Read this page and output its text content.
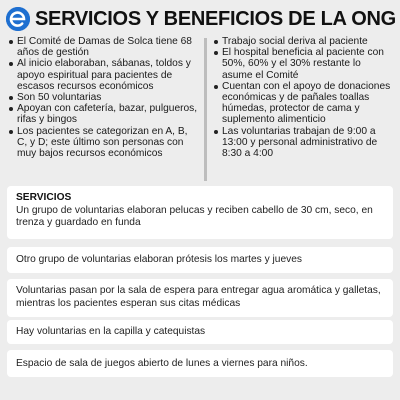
SERVICIOS Y BENEFICIOS DE LA ONG
El Comité de Damas de Solca tiene 68 años de gestión
Al inicio elaboraban, sábanas, toldos y apoyo espiritual para pacientes de escasos recursos económicos
Son 50 voluntarias
Apoyan con cafetería, bazar, pulgueros, rifas y bingos
Los pacientes se categorizan en A, B, C, y D; este último son personas con muy bajos recursos económicos
Trabajo social deriva al paciente
El hospital beneficia al paciente con 50%, 60% y el 30% restante lo asume el Comité
Cuentan con el apoyo de donaciones económicas y de pañales toallas húmedas, protector de cama y suplemento alimenticio
Las voluntarias trabajan de 9:00 a 13:00 y personal administrativo de 8:30 a 4:00
SERVICIOS
Un grupo de voluntarias elaboran pelucas y reciben cabello de 30 cm, seco, en trenza y guardado en funda
Otro grupo de voluntarias elaboran prótesis los martes y jueves
Voluntarias pasan por la sala de espera para entregar agua aromática y galletas, mientras los pacientes esperan sus citas médicas
Hay voluntarias en la capilla y catequistas
Espacio de sala de juegos abierto de lunes a viernes para niños.
